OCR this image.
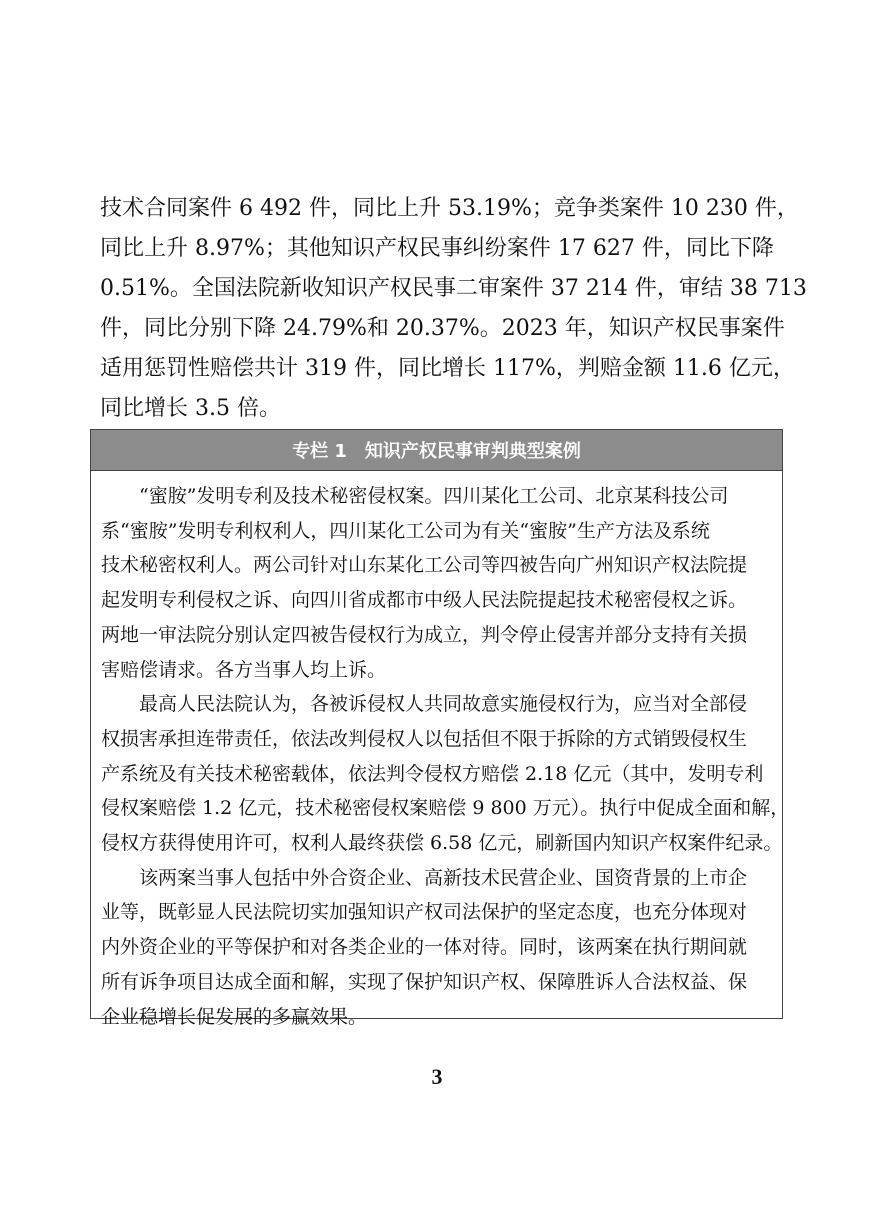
技术合同案件 6 492 件，同比上升 53.19%；竞争类案件 10 230 件，
同比上升 8.97%；其他知识产权民事纠纷案件 17 627 件，同比下降
0.51%。全国法院新收知识产权民事二审案件 37 214 件，审结 38 713
件，同比分别下降 24.79%和 20.37%。2023 年，知识产权民事案件
适用惩罚性赔偿共计 319 件，同比增长 117%，判赔金额 11.6 亿元，
同比增长 3.5 倍。
专栏 1　知识产权民事审判典型案例
　　“蜜胺”发明专利及技术秘密侵权案。四川某化工公司、北京某科技公司
系“蜜胺”发明专利权利人，四川某化工公司为有关“蜜胺”生产方法及系统
技术秘密权利人。两公司针对山东某化工公司等四被告向广州知识产权法院提
起发明专利侵权之诉、向四川省成都市中级人民法院提起技术秘密侵权之诉。
两地一审法院分别认定四被告侵权行为成立，判令停止侵害并部分支持有关损
害赔偿请求。各方当事人均上诉。
　　最高人民法院认为，各被诉侵权人共同故意实施侵权行为，应当对全部侵
权损害承担连带责任，依法改判侵权人以包括但不限于拆除的方式销毁侵权生
产系统及有关技术秘密载体，依法判令侵权方赔偿 2.18 亿元（其中，发明专利
侵权案赔偿 1.2 亿元，技术秘密侵权案赔偿 9 800 万元）。执行中促成全面和解，
侵权方获得使用许可，权利人最终获偿 6.58 亿元，刷新国内知识产权案件纪录。
　　该两案当事人包括中外合资企业、高新技术民营企业、国资背景的上市企
业等，既彰显人民法院切实加强知识产权司法保护的坚定态度，也充分体现对
内外资企业的平等保护和对各类企业的一体对待。同时，该两案在执行期间就
所有诉争项目达成全面和解，实现了保护知识产权、保障胜诉人合法权益、保
企业稳增长促发展的多赢效果。
3
